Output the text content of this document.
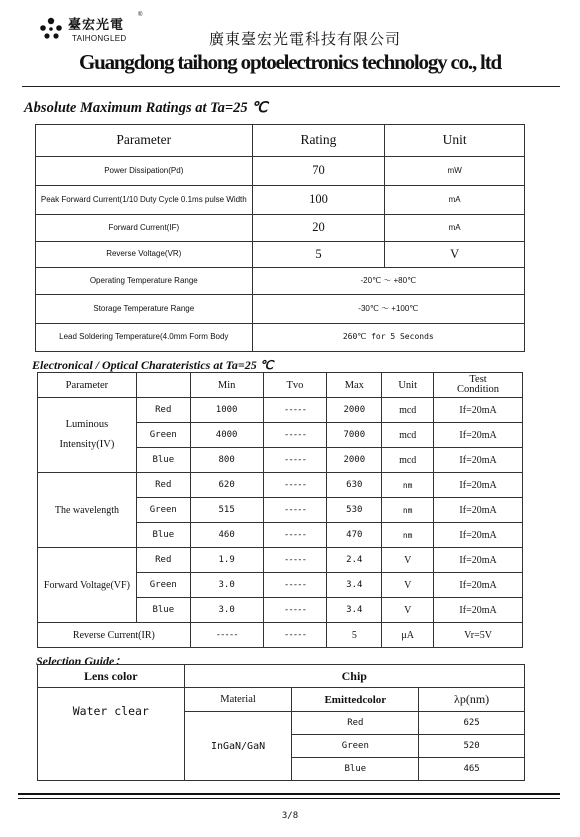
臺宏光電
®
TAIHONGLED	廣東臺宏光電科技有限公司
Guangdong taihong optoelectronics technology co., ltd
Absolute Maximum Ratings at Ta=25 ℃
Parameter	Rating	Unit
Power Dissipation(Pd)	70	mW
Peak Forward Current(1/10 Duty Cycle 0.1ms pulse Width	100	mA
Forward Current(IF)	20	mA
Reverse Voltage(VR)	5	V
Operating Temperature Range	-20℃ ～ +80℃	
Storage Temperature Range	-30℃ ～ +100℃	
Lead Soldering Temperature(4.0mm Form Body	260℃ for 5 Seconds	
Electronical / Optical Charateristics at Ta=25 ℃
Parameter		Min	Tvo	Max	Unit	Test
Condition

Luminous
Intensity(IV)	Red	1000	-----	2000	mcd	If=20mA
	Green	4000	-----	7000	mcd	If=20mA
	Blue	800	-----	2000	mcd	If=20mA
The wavelength	Red	620	-----	630	nm	If=20mA
	Green	515	-----	530	nm	If=20mA
	Blue	460	-----	470	nm	If=20mA
Forward Voltage(VF)	Red	1.9	-----	2.4	V	If=20mA
	Green	3.0	-----	3.4	V	If=20mA
	Blue	3.0	-----	3.4	V	If=20mA
Reverse Current(IR)		-----	-----	5	μA	Vr=5V
Selection Guide：
Lens color	Chip		
Water clear	Material	Emittedcolor	λp(nm)
	InGaN/GaN	Red	625
		Green	520
		Blue	465
3/8
